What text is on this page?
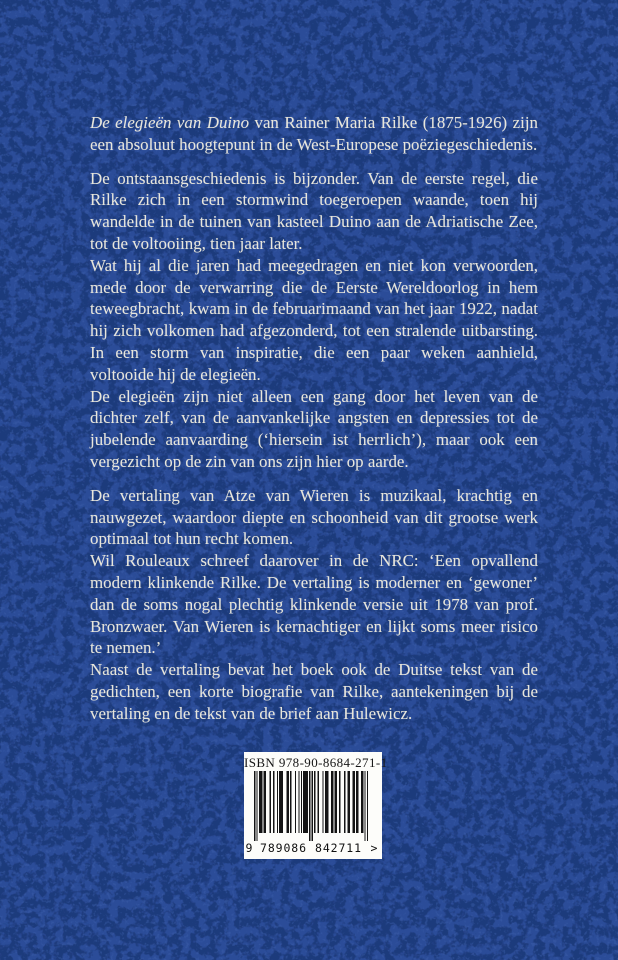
De elegieën van Duino van Rainer Maria Rilke (1875-1926) zijn een absoluut hoogtepunt in de West-Europese poëziegeschiedenis.

De ontstaansgeschiedenis is bijzonder. Van de eerste regel, die Rilke zich in een stormwind toegeroepen waande, toen hij wandelde in de tuinen van kasteel Duino aan de Adriatische Zee, tot de voltooiing, tien jaar later.

Wat hij al die jaren had meegedragen en niet kon verwoorden, mede door de verwarring die de Eerste Wereldoorlog in hem teweegbracht, kwam in de februarimaand van het jaar 1922, nadat hij zich volkomen had afgezonderd, tot een stralende uitbarsting. In een storm van inspiratie, die een paar weken aanhield, voltooide hij de elegieën.

De elegieën zijn niet alleen een gang door het leven van de dichter zelf, van de aanvankelijke angsten en depressies tot de jubelende aanvaarding (‘hiersein ist herrlich’), maar ook een vergezicht op de zin van ons zijn hier op aarde.

De vertaling van Atze van Wieren is muzikaal, krachtig en nauwgezet, waardoor diepte en schoonheid van dit grootse werk optimaal tot hun recht komen.

Wil Rouleaux schreef daarover in de NRC: ‘Een opvallend modern klinkende Rilke. De vertaling is moderner en ‘gewoner’ dan de soms nogal plechtig klinkende versie uit 1978 van prof. Bronzwaer. Van Wieren is kernachtiger en lijkt soms meer risico te nemen.’

Naast de vertaling bevat het boek ook de Duitse tekst van de gedichten, een korte biografie van Rilke, aantekeningen bij de vertaling en de tekst van de brief aan Hulewicz.

ISBN 978-90-8684-271-1
9 789086 842711 >
